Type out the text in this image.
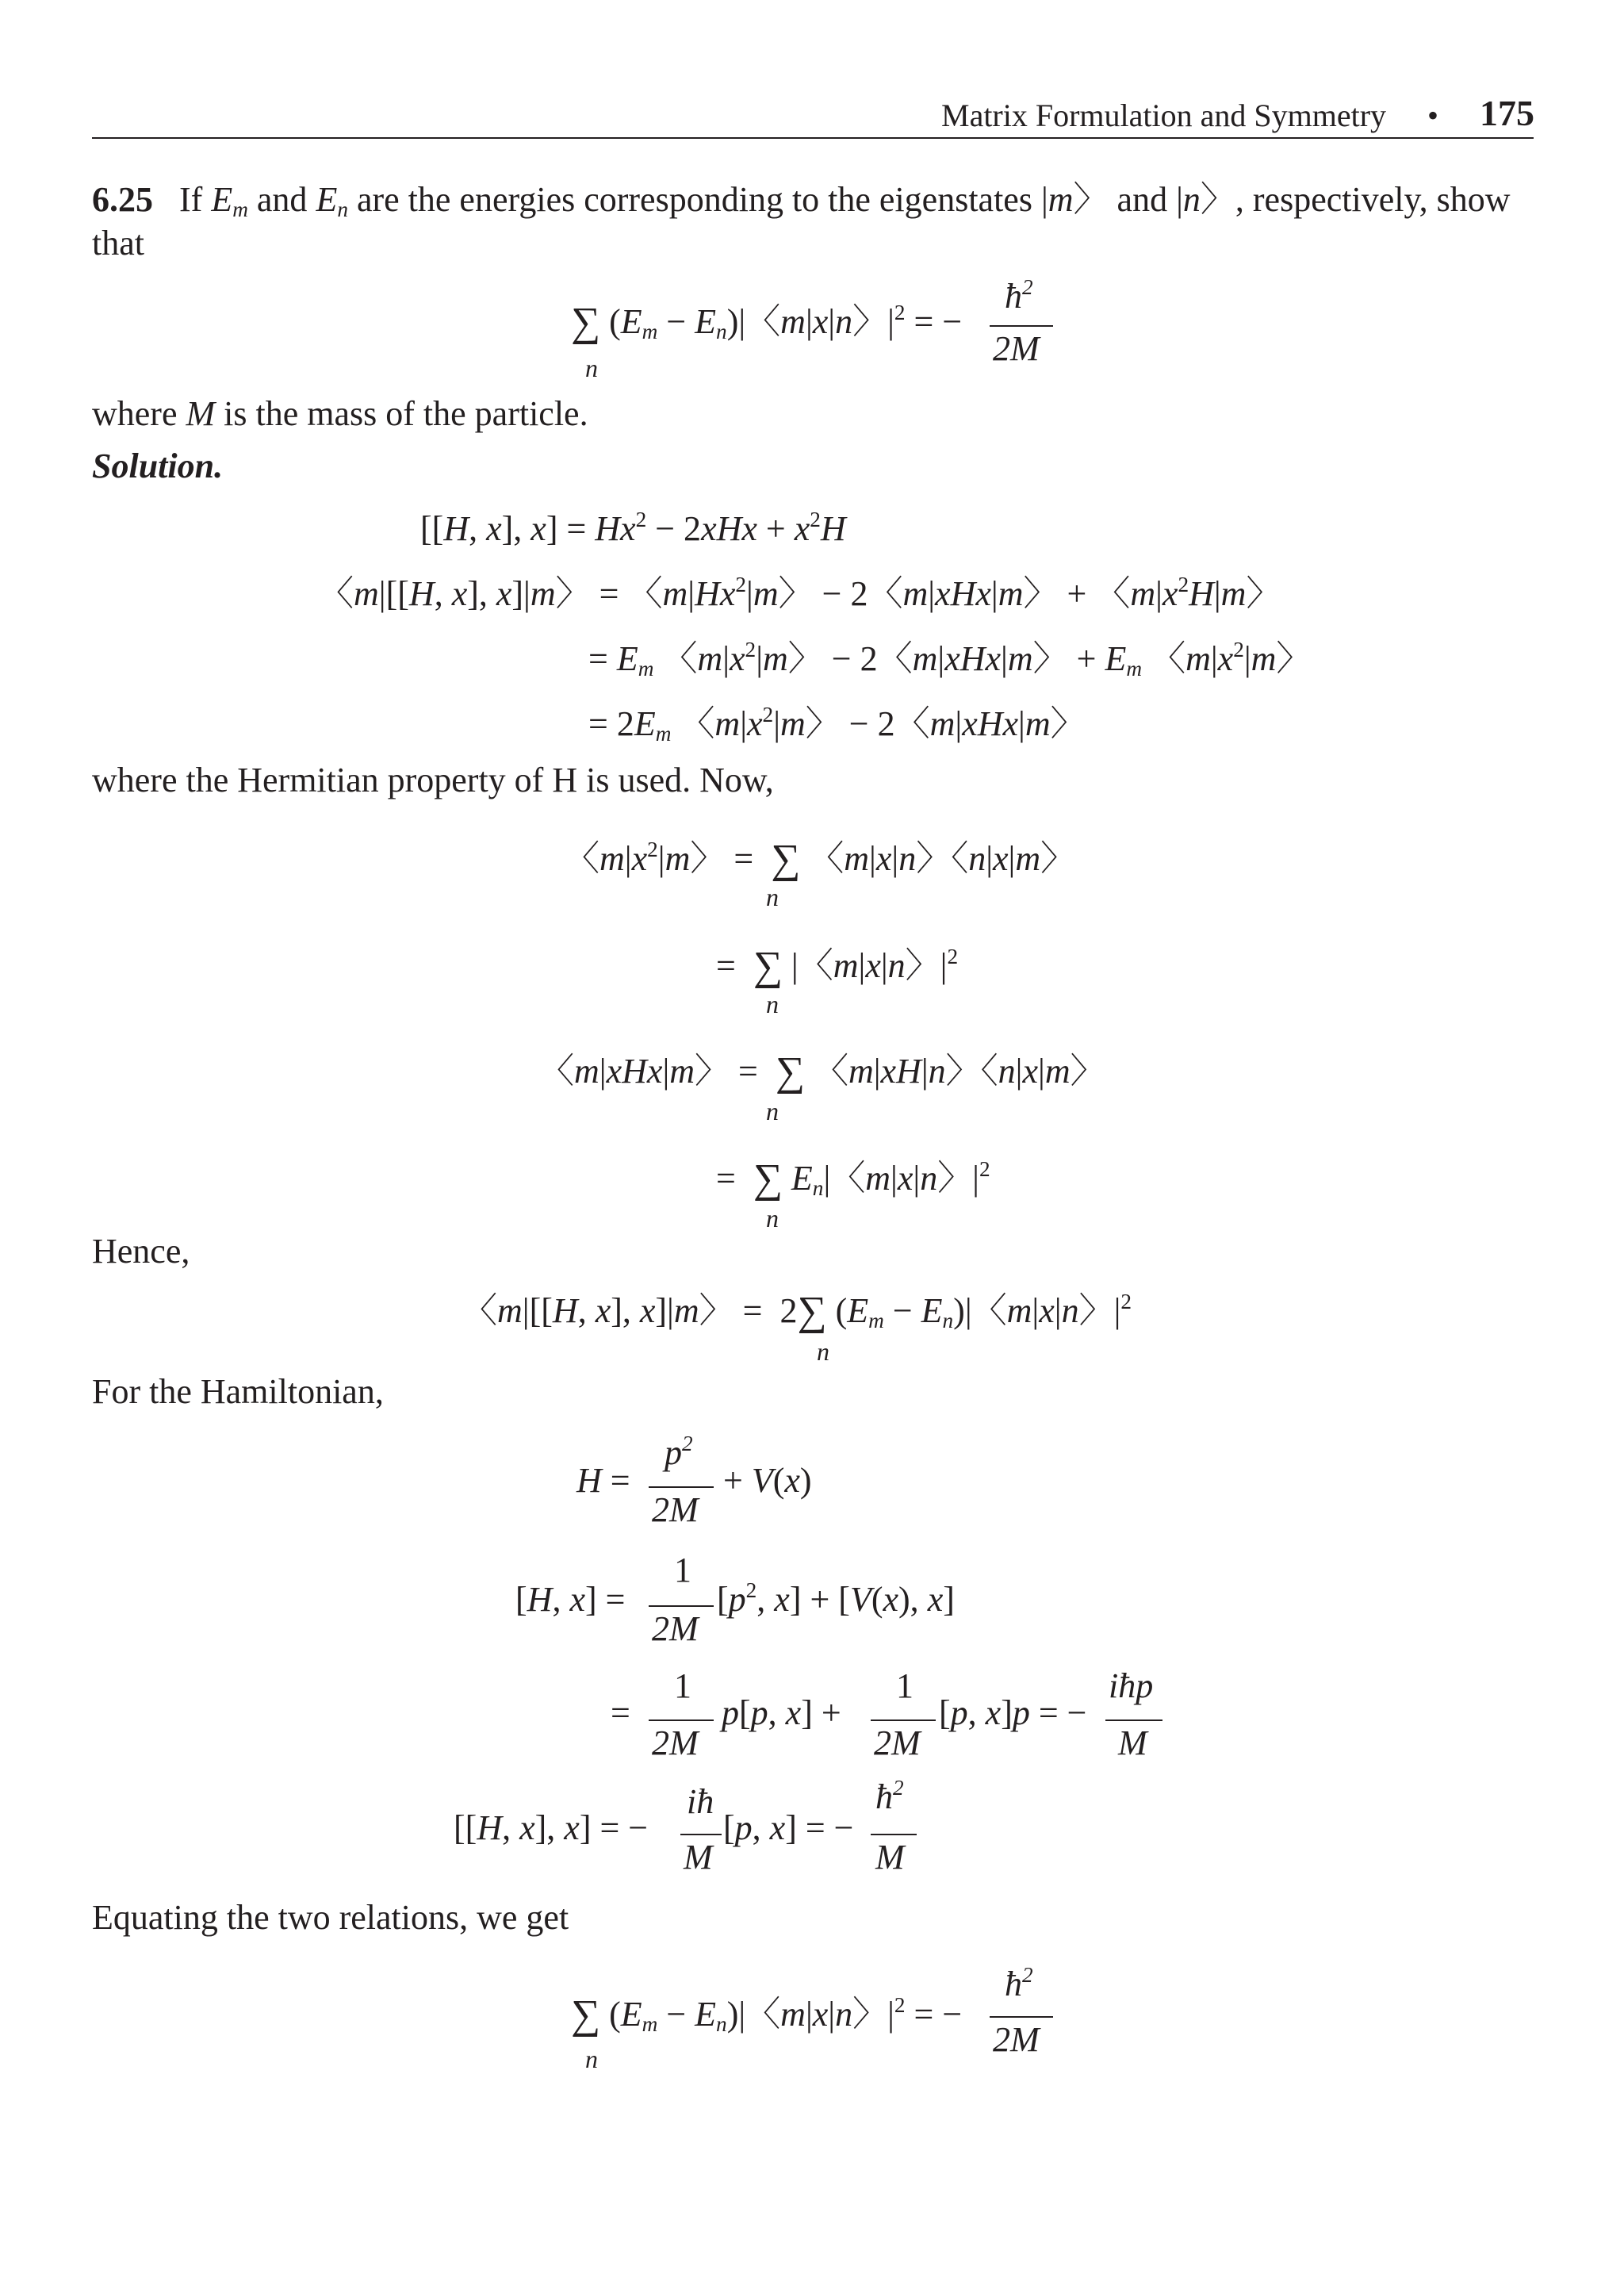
Matrix Formulation and Symmetry • 175
6.25 If $E_m$ and $E_n$ are the energies corresponding to the eigenstates |m〉 and |n〉, respectively, show
that
∑ $(E_m - E_n)|$〈m|x|n〉$|^2$ = −
n
$ħ^2$
2M
where M is the mass of the particle.
Solution.
[[H, x], $x] = Hx^2 - 2xHx + x^2H$
〈m|[[H, x], x]|m〉 = 〈m|Hx$^2$|m〉 − 2〈m|xHx|m〉 + 〈$m|x^2H|m$〉
= $E_m$ 〈$m|x^2|m$〉 − 2〈m|xHx|m〉 + $E_m$ 〈$m|x^2|m$〉
= $2E_m$ 〈$m|x^2|m$〉 − 2〈m|xHx|m〉
where the Hermitian property of H is used. Now,
〈$m|x^2|m$〉 =  ∑ 〈m|x|n〉〈n|x|m〉
n
=  ∑ |〈m|x|n〉$|^2$
n
〈m|xHx|m〉 =  ∑ 〈m|xH|n〉〈n|x|m〉
n
=  ∑ $E_n|$〈m|x|n〉$|^2$
n
Hence,
〈m|[[H, x], x]|m〉 =  2∑ $(E_m - E_n)|$〈m|x|n〉$|^2$
n
For the Hamiltonian,
H =
$p^2$
2M
+ V(x)
[H, x] =
1
2M
[$p^2$, x] + [V(x), x]
=
1
2M
p[p, x] +
1
2M
[p, x]p = −
iħp
M
[[H, x], x] = −
iħ
M
[p, x] = −
$ħ^2$
M
Equating the two relations, we get
∑ $(E_m - E_n)|$〈m|x|n〉$|^2$ = −
n
$ħ^2$
2M
